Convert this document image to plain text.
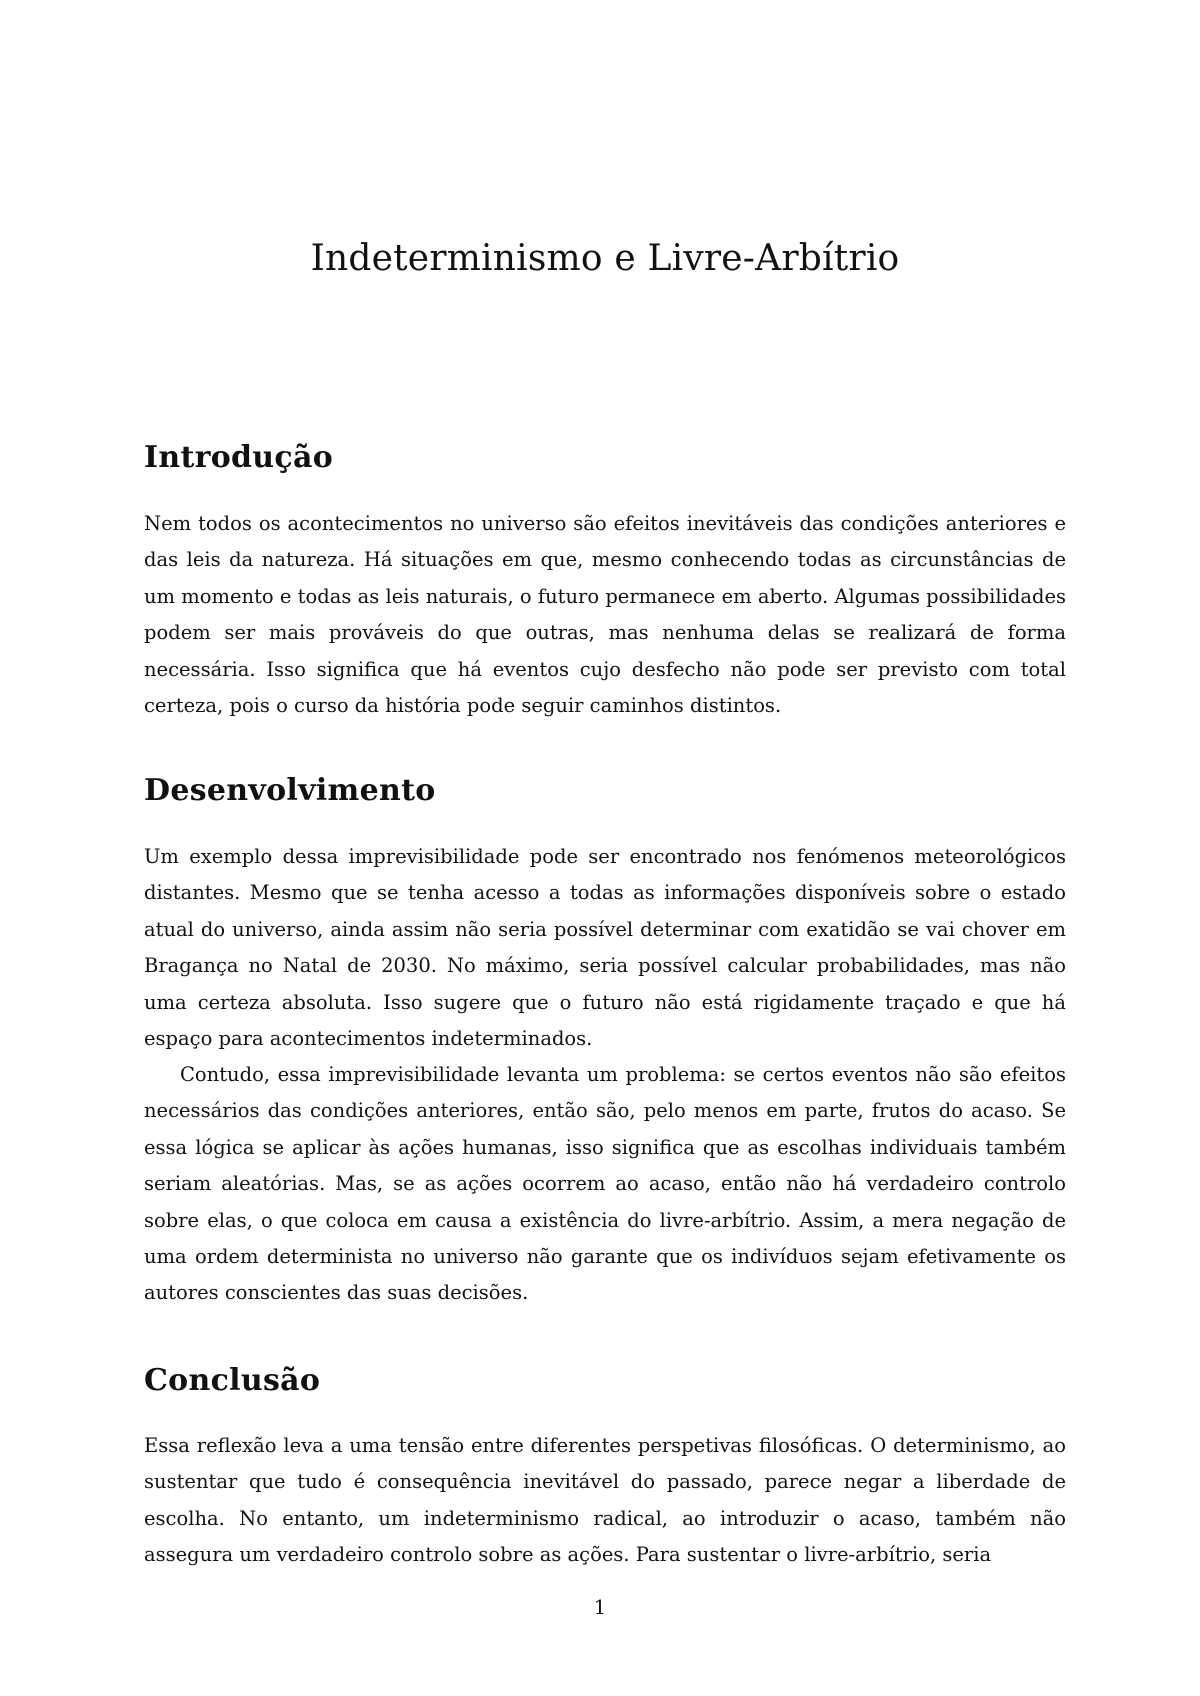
Indeterminismo e Livre-Arbítrio
Introdução

Nem todos os acontecimentos no universo são efeitos inevitáveis das condições anteriores e das leis da natureza. Há situações em que, mesmo conhecendo todas as circunstâncias de um momento e todas as leis naturais, o futuro permanece em aberto. Algumas possibilidades podem ser mais prováveis do que outras, mas nenhuma delas se realizará de forma necessária. Isso significa que há eventos cujo desfecho não pode ser previsto com total certeza, pois o curso da história pode seguir caminhos distintos.

Desenvolvimento

Um exemplo dessa imprevisibilidade pode ser encontrado nos fenómenos meteorológicos distantes. Mesmo que se tenha acesso a todas as informações disponíveis sobre o estado atual do universo, ainda assim não seria possível determinar com exatidão se vai chover em Bragança no Natal de 2030. No máximo, seria possível calcular probabilidades, mas não uma certeza absoluta. Isso sugere que o futuro não está rigidamente traçado e que há espaço para acontecimentos indeterminados.

Contudo, essa imprevisibilidade levanta um problema: se certos eventos não são efeitos necessários das condições anteriores, então são, pelo menos em parte, frutos do acaso. Se essa lógica se aplicar às ações humanas, isso significa que as escolhas individuais também seriam aleatórias. Mas, se as ações ocorrem ao acaso, então não há verdadeiro controlo sobre elas, o que coloca em causa a existência do livre-arbítrio. Assim, a mera negação de uma ordem determinista no universo não garante que os indivíduos sejam efetivamente os autores conscientes das suas decisões.

Conclusão

Essa reflexão leva a uma tensão entre diferentes perspetivas filosóficas. O determinismo, ao sustentar que tudo é consequência inevitável do passado, parece negar a liberdade de escolha. No entanto, um indeterminismo radical, ao introduzir o acaso, também não assegura um verdadeiro controlo sobre as ações. Para sustentar o livre-arbítrio, seria

1
